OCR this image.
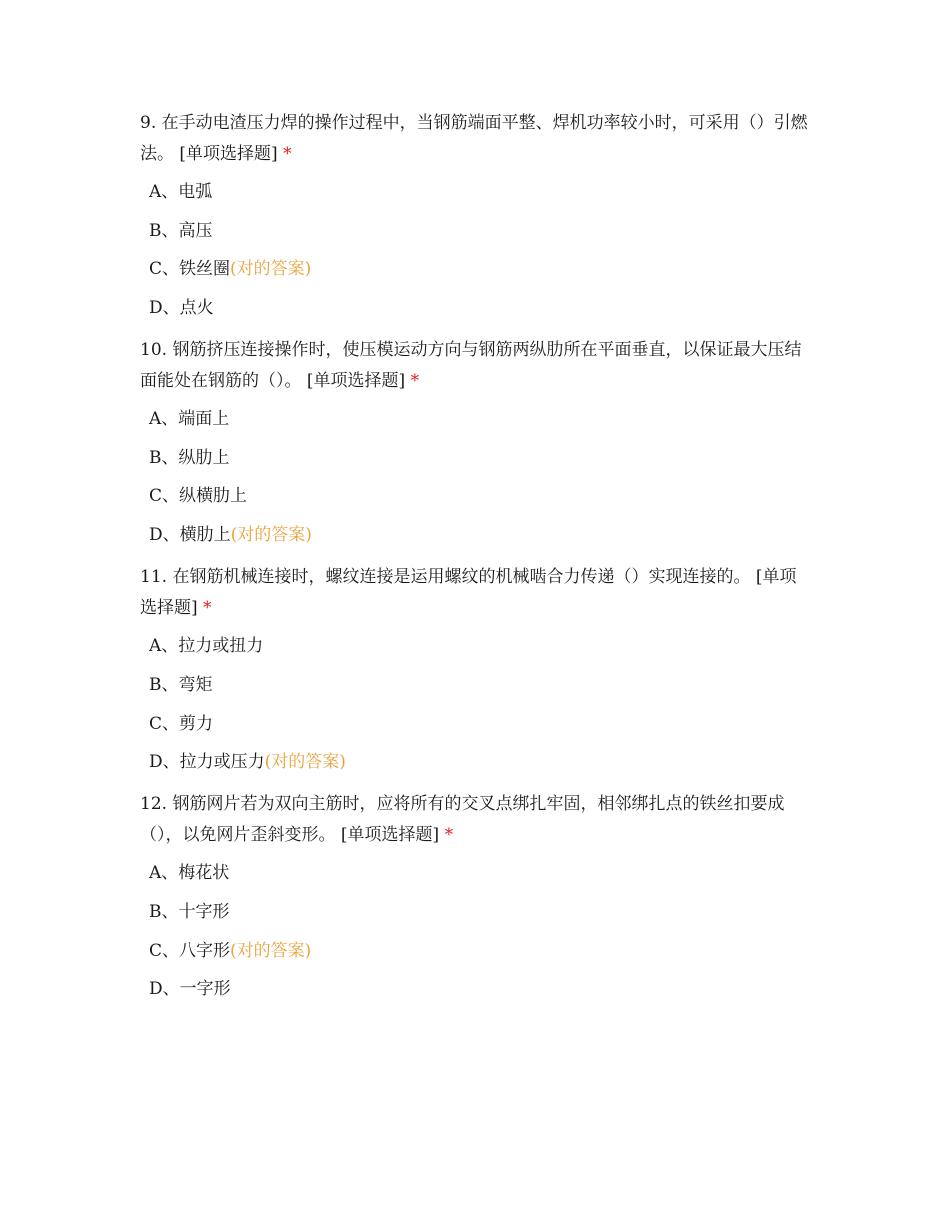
9. 在手动电渣压力焊的操作过程中，当钢筋端面平整、焊机功率较小时，可采用（）引燃法。 [单项选择题] *

A、电弧
B、高压
C、铁丝圈(对的答案)
D、点火

10. 钢筋挤压连接操作时，使压模运动方向与钢筋两纵肋所在平面垂直，以保证最大压结面能处在钢筋的（）。 [单项选择题] *

A、端面上
B、纵肋上
C、纵横肋上
D、横肋上(对的答案)

11. 在钢筋机械连接时，螺纹连接是运用螺纹的机械啮合力传递（）实现连接的。 [单项选择题] *

A、拉力或扭力
B、弯矩
C、剪力
D、拉力或压力(对的答案)

12. 钢筋网片若为双向主筋时，应将所有的交叉点绑扎牢固，相邻绑扎点的铁丝扣要成（），以免网片歪斜变形。 [单项选择题] *

A、梅花状
B、十字形
C、八字形(对的答案)
D、一字形
